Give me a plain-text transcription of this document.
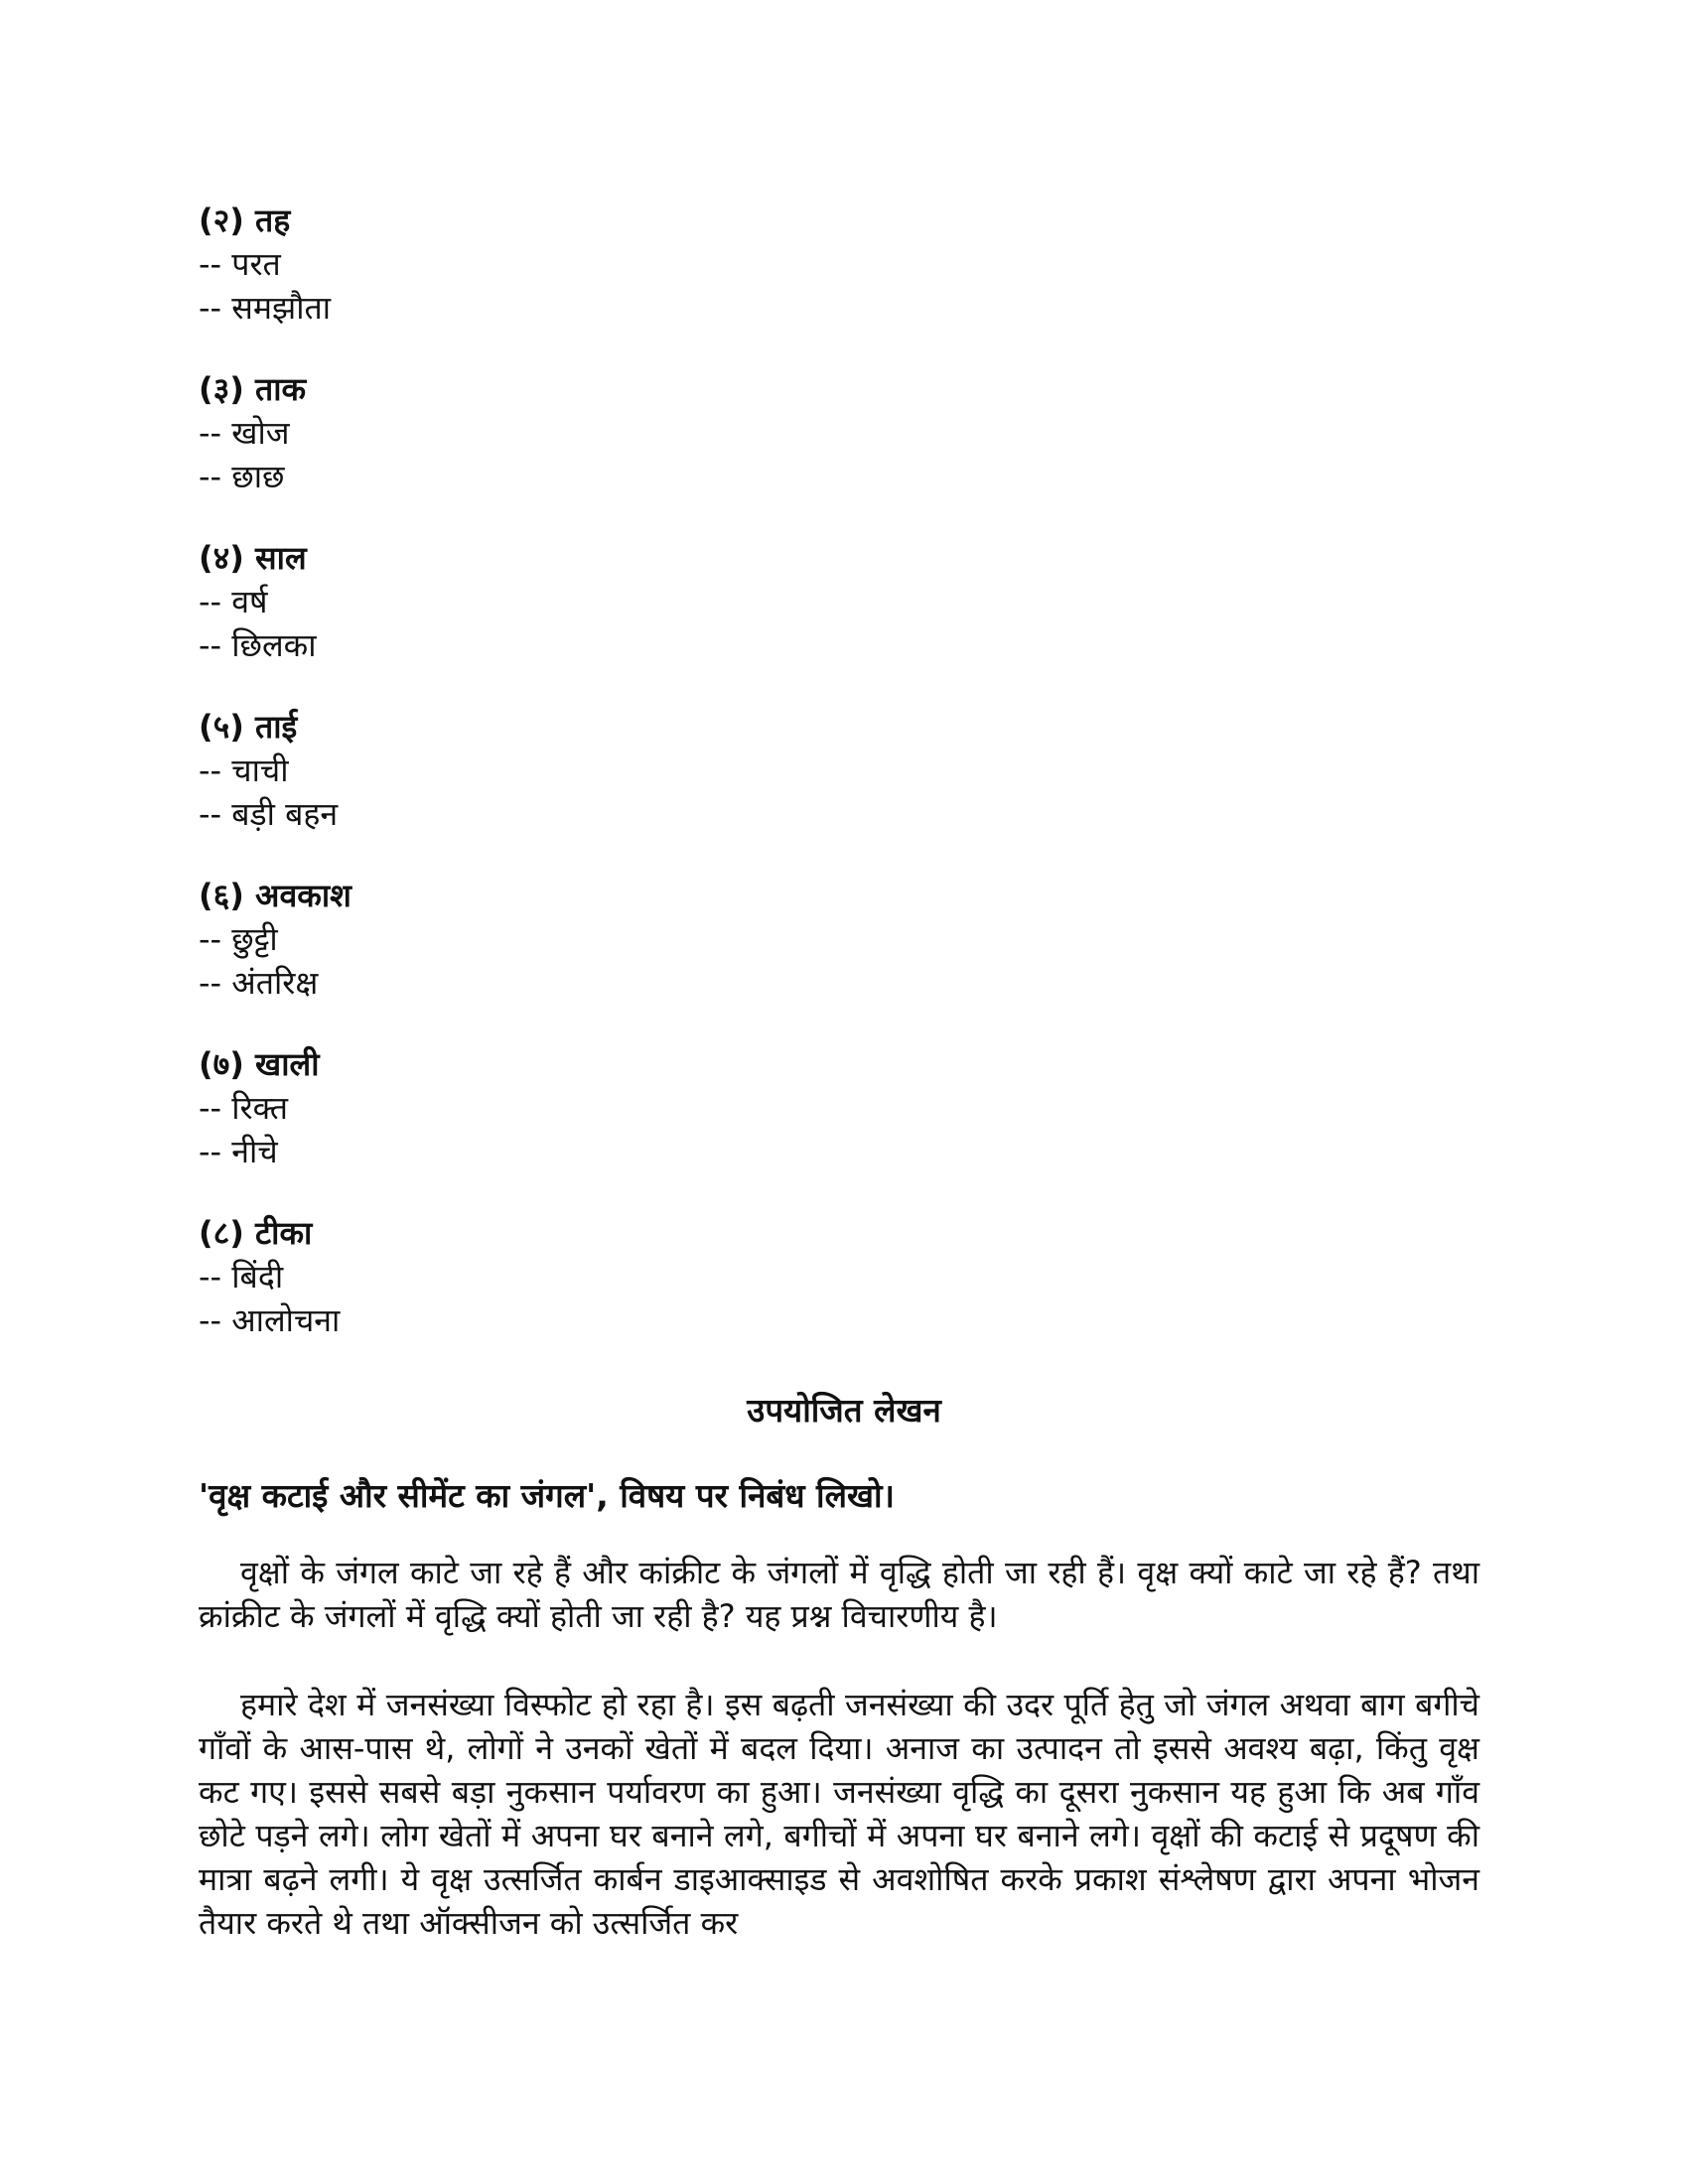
(२) तह
-- परत
-- समझौता
(३) ताक
-- खोज
-- छाछ
(४) साल
-- वर्ष
-- छिलका
(५) ताई
-- चाची
-- बड़ी बहन
(६) अवकाश
-- छुट्टी
-- अंतरिक्ष
(७) खाली
-- रिक्त
-- नीचे
(८) टीका
-- बिंदी
-- आलोचना
उपयोजित लेखन
'वृक्ष कटाई और सीमेंट का जंगल', विषय पर निबंध लिखो।

वृक्षों के जंगल काटे जा रहे हैं और कांक्रीट के जंगलों में वृद्धि होती जा रही हैं। वृक्ष क्यों काटे जा रहे हैं? तथा क्रांक्रीट के जंगलों में वृद्धि क्यों होती जा रही है? यह प्रश्न विचारणीय है।

हमारे देश में जनसंख्या विस्फोट हो रहा है। इस बढ़ती जनसंख्या की उदर पूर्ति हेतु जो जंगल अथवा बाग बगीचे गाँवों के आस-पास थे, लोगों ने उनकों खेतों में बदल दिया। अनाज का उत्पादन तो इससे अवश्य बढ़ा, किंतु वृक्ष कट गए। इससे सबसे बड़ा नुकसान पर्यावरण का हुआ। जनसंख्या वृद्धि का दूसरा नुकसान यह हुआ कि अब गाँव छोटे पड़ने लगे। लोग खेतों में अपना घर बनाने लगे, बगीचों में अपना घर बनाने लगे। वृक्षों की कटाई से प्रदूषण की मात्रा बढ़ने लगी। ये वृक्ष उत्सर्जित कार्बन डाइआक्साइड से अवशोषित करके प्रकाश संश्लेषण द्वारा अपना भोजन तैयार करते थे तथा ऑक्सीजन को उत्सर्जित कर
